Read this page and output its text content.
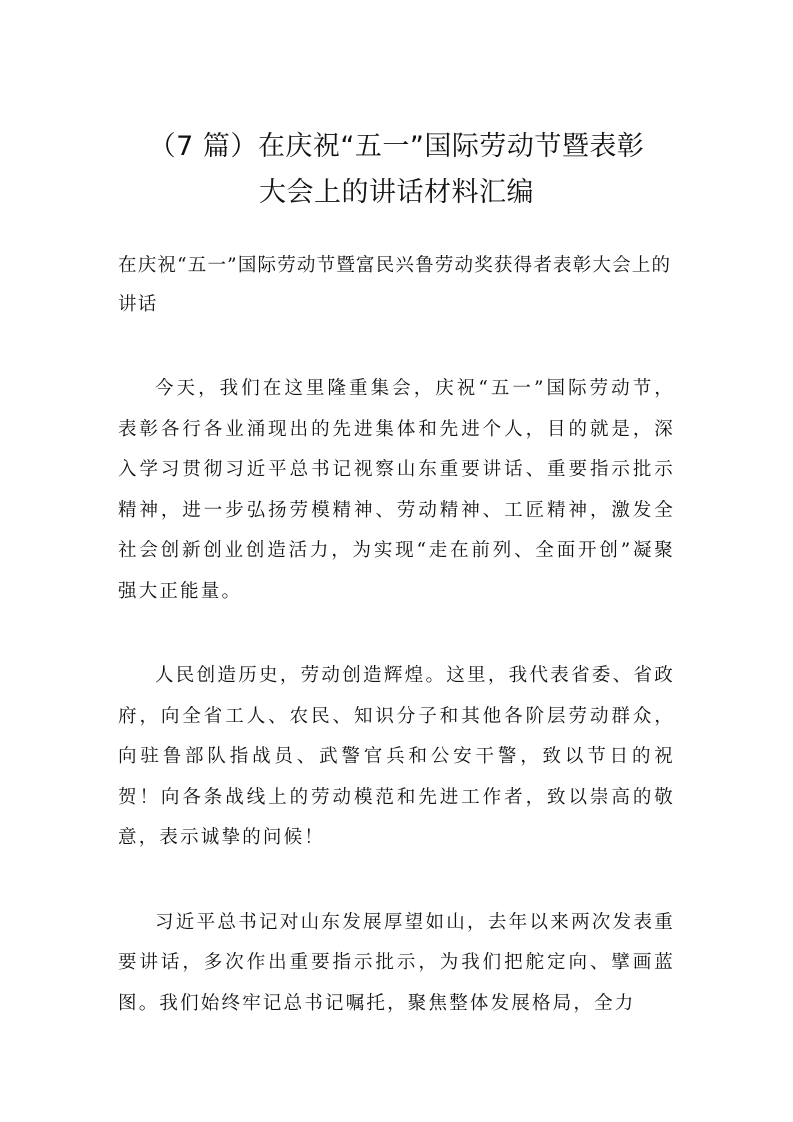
（7 篇）在庆祝“五一”国际劳动节暨表彰
大会上的讲话材料汇编

在庆祝“五一”国际劳动节暨富民兴鲁劳动奖获得者表彰大会上的讲话

今天，我们在这里隆重集会，庆祝“五一”国际劳动节，表彰各行各业涌现出的先进集体和先进个人，目的就是，深入学习贯彻习近平总书记视察山东重要讲话、重要指示批示精神，进一步弘扬劳模精神、劳动精神、工匠精神，激发全社会创新创业创造活力，为实现“走在前列、全面开创”凝聚强大正能量。

人民创造历史，劳动创造辉煌。这里，我代表省委、省政府，向全省工人、农民、知识分子和其他各阶层劳动群众，向驻鲁部队指战员、武警官兵和公安干警，致以节日的祝贺！向各条战线上的劳动模范和先进工作者，致以崇高的敬意，表示诚挚的问候！

习近平总书记对山东发展厚望如山，去年以来两次发表重要讲话，多次作出重要指示批示，为我们把舵定向、擘画蓝图。我们始终牢记总书记嘱托，聚焦整体发展格局，全力
